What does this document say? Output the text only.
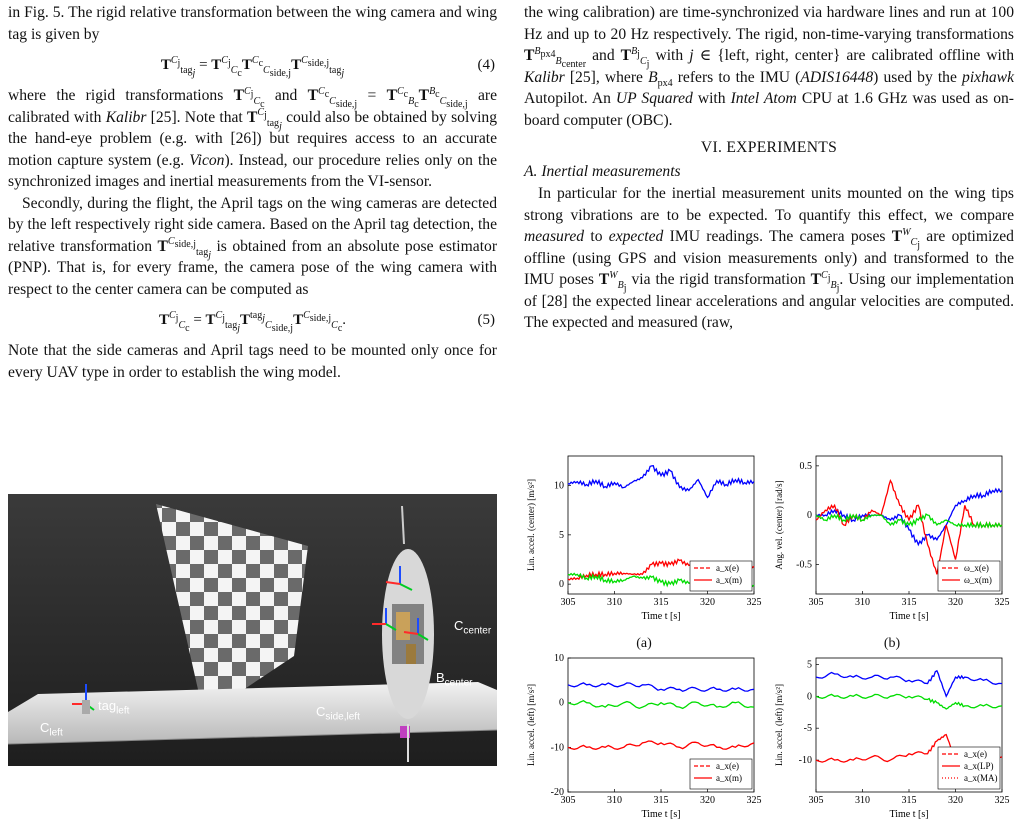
in Fig. 5. The rigid relative transformation between the wing camera and wing tag is given by

$T^{C_j}_{tag_j} = T^{C_j}_{C_c}T^{C_c}_{C_{side,j}}T^{C_{side,j}}_{tag_j}$
(4)

where the rigid transformations $T^{C_j}_{C_c}$ and $T^{C_c}_{C_{side,j}} = T^{C_c}_{B_c}T^{B_c}_{C_{side,j}}$ are calibrated with Kalibr [25]. Note that $T^{C_j}_{tag_j}$ could also be obtained by solving the hand-eye problem (e.g. with [26]) but requires access to an accurate motion capture system (e.g. Vicon). Instead, our procedure relies only on the synchronized images and inertial measurements from the VI-sensor.

Secondly, during the flight, the April tags on the wing cameras are detected by the left respectively right side camera. Based on the April tag detection, the relative transformation $T^{C_{side,j}}_{tag_j}$ is obtained from an absolute pose estimator (PNP). That is, for every frame, the camera pose of the wing camera with respect to the center camera can be computed as

$T^{C_j}_{C_c} = T^{C_j}_{tag_j}T^{tag_j}_{C_{side,j}}T^{C_{side,j}}_{C_c}$.	(5)

Note that the side cameras and April tags need to be mounted only once for every UAV type in order to establish the wing model.

$C_{center}$
$B_{center}$
$C_{side,left}$
tag$_{left}$
$C_{left}$

the wing calibration) are time-synchronized via hardware lines and run at 100 Hz and up to 20 Hz respectively. The rigid, non-time-varying transformations $T^{B_{px4}}_{B_{center}}$ and $T^{B_j}_{C_j}$ with j ∈ {left, right, center} are calibrated offline with Kalibr [25], where $B_{px4}$ refers to the IMU (ADIS16448) used by the pixhawk Autopilot. An UP Squared with Intel Atom CPU at 1.6 GHz was used as on-board computer (OBC).

VI. EXPERIMENTS
A. Inertial measurements

In particular for the inertial measurement units mounted on the wing tips strong vibrations are to be expected. To quantify this effect, we compare measured to expected IMU readings. The camera poses $T^W_{C_j}$ are optimized offline (using GPS and vision measurements only) and transformed to the IMU poses $T^W_{B_j}$ via the rigid transformation $T^{C_j}_{B_j}$. Using our implementation of [28] the expected linear accelerations and angular velocities are computed. The expected and measured (raw,

305	310	315	320	325
0
5
10
Time t [s]
Lin. accel. (center) [m/s²]	a_x(e)
a_x(m)
305	310	315	320	325
-0.5
0
0.5
Time t [s]
Ang. vel. (center) [rad/s]	ω_x(e)
ω_x(m)
(a)	(b)
305	310	315	320	325
-20
-10
0
10
Time t [s]
Lin. accel. (left) [m/s²]
a_x(e)
a_x(m)
305	310	315	320	325
-10
-5
0
5
Time t [s]
Lin. accel. (left) [m/s²]	a_x(e)
a_x(LP)
a_x(MA)
